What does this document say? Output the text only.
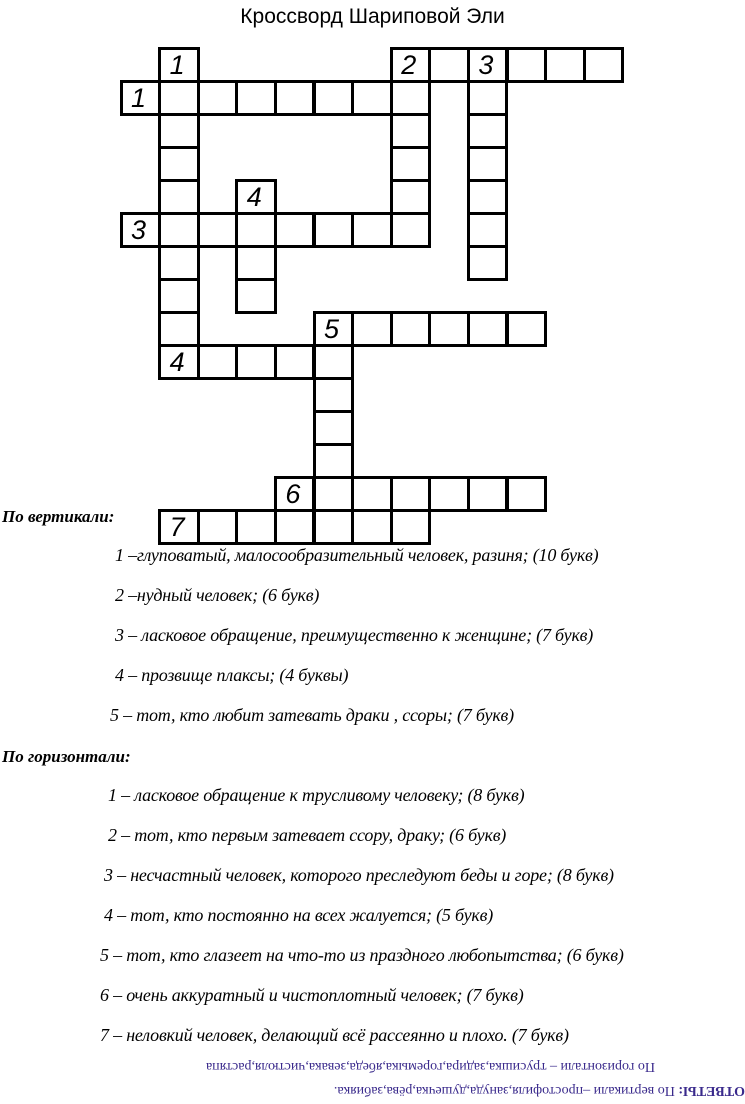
Кроссворд Шариповой Эли
1
1
2 3
3
4
5
4
6
7
По вертикали:
1 –глуповатый, малосообразительный человек, разиня; (10 букв)
2 –нудный человек; (6 букв)
3 – ласковое обращение, преимущественно к женщине; (7 букв)
4 – прозвище плаксы; (4 буквы)
5 – тот, кто любит затевать драки , ссоры; (7 букв)
По горизонтали:
1 – ласковое обращение к трусливому человеку; (8 букв)
2 – тот, кто первым затевает ссору, драку; (6 букв)
3 – несчастный человек, которого преследуют беды и горе; (8 букв)
4 – тот, кто постоянно на всех жалуется; (5 букв)
5 – тот, кто глазеет на что-то из праздного любопытства; (6 букв)
6 – очень аккуратный и чистоплотный человек; (7 букв)
7 – неловкий человек, делающий всё рассеянно и плохо. (7 букв)
ОТВЕТЫ: По вертикали –простофиля,зануда,душечка,рёва,забияка.
По горизонтали – трусишка,задира,горемыка,ябеда,зевака,чистюля,растяпа
